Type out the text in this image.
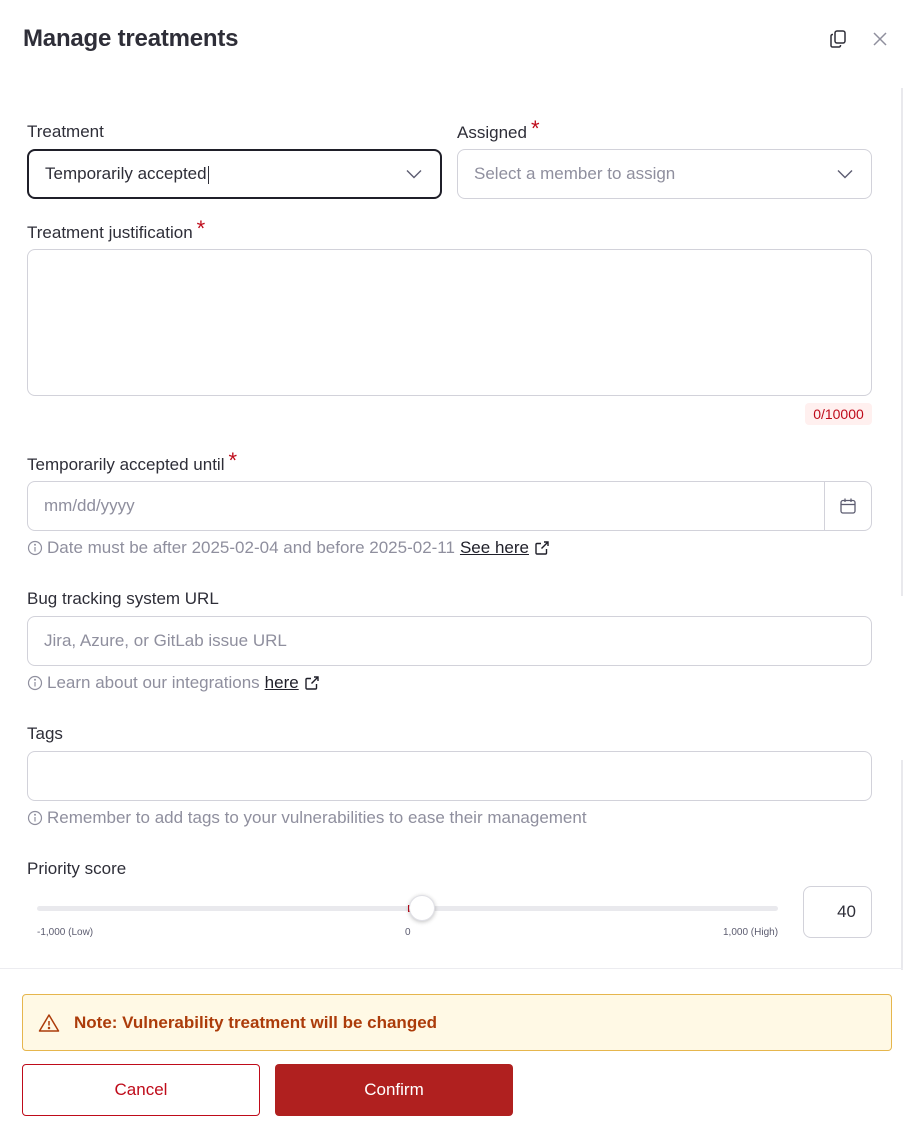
Manage treatments
Treatment
Temporarily accepted
Assigned *
Select a member to assign
Treatment justification *
0/10000
Temporarily accepted until *
mm/dd/yyyy
Date must be after 2025-02-04 and before 2025-02-11 See here
Bug tracking system URL
Jira, Azure, or GitLab issue URL
Learn about our integrations here
Tags
Remember to add tags to your vulnerabilities to ease their management
Priority score
-1,000 (Low)	0	1,000 (High)
40
Note: Vulnerability treatment will be changed
Cancel	Confirm
